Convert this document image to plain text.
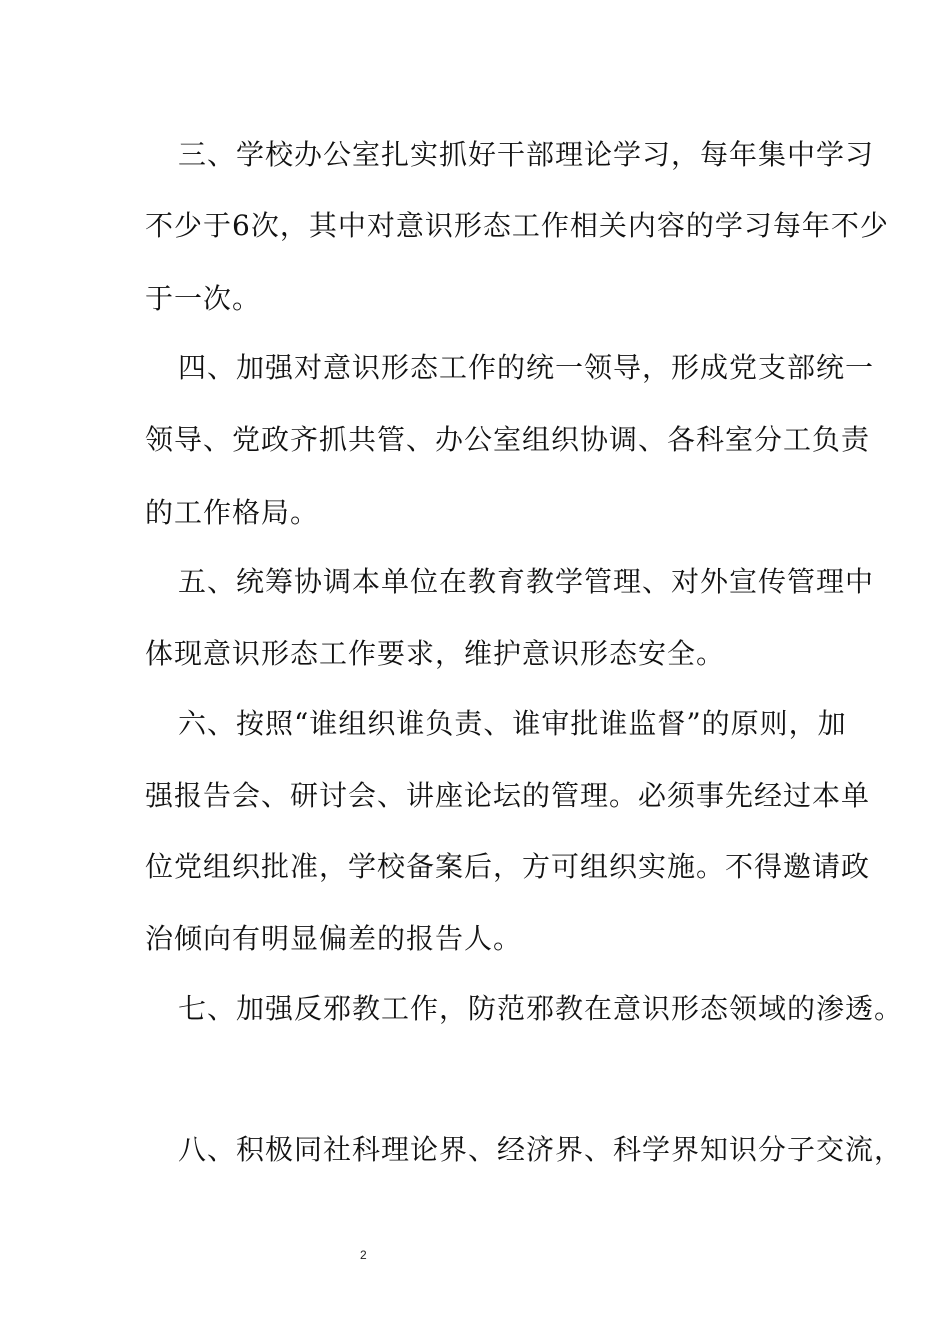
三、学校办公室扎实抓好干部理论学习，每年集中学习
不少于6次，其中对意识形态工作相关内容的学习每年不少
于一次。
四、加强对意识形态工作的统一领导，形成党支部统一
领导、党政齐抓共管、办公室组织协调、各科室分工负责
的工作格局。
五、统筹协调本单位在教育教学管理、对外宣传管理中
体现意识形态工作要求，维护意识形态安全。
六、按照“谁组织谁负责、谁审批谁监督”的原则，加
强报告会、研讨会、讲座论坛的管理。必须事先经过本单
位党组织批准，学校备案后，方可组织实施。不得邀请政
治倾向有明显偏差的报告人。
七、加强反邪教工作，防范邪教在意识形态领域的渗透。
八、积极同社科理论界、经济界、科学界知识分子交流，
2
